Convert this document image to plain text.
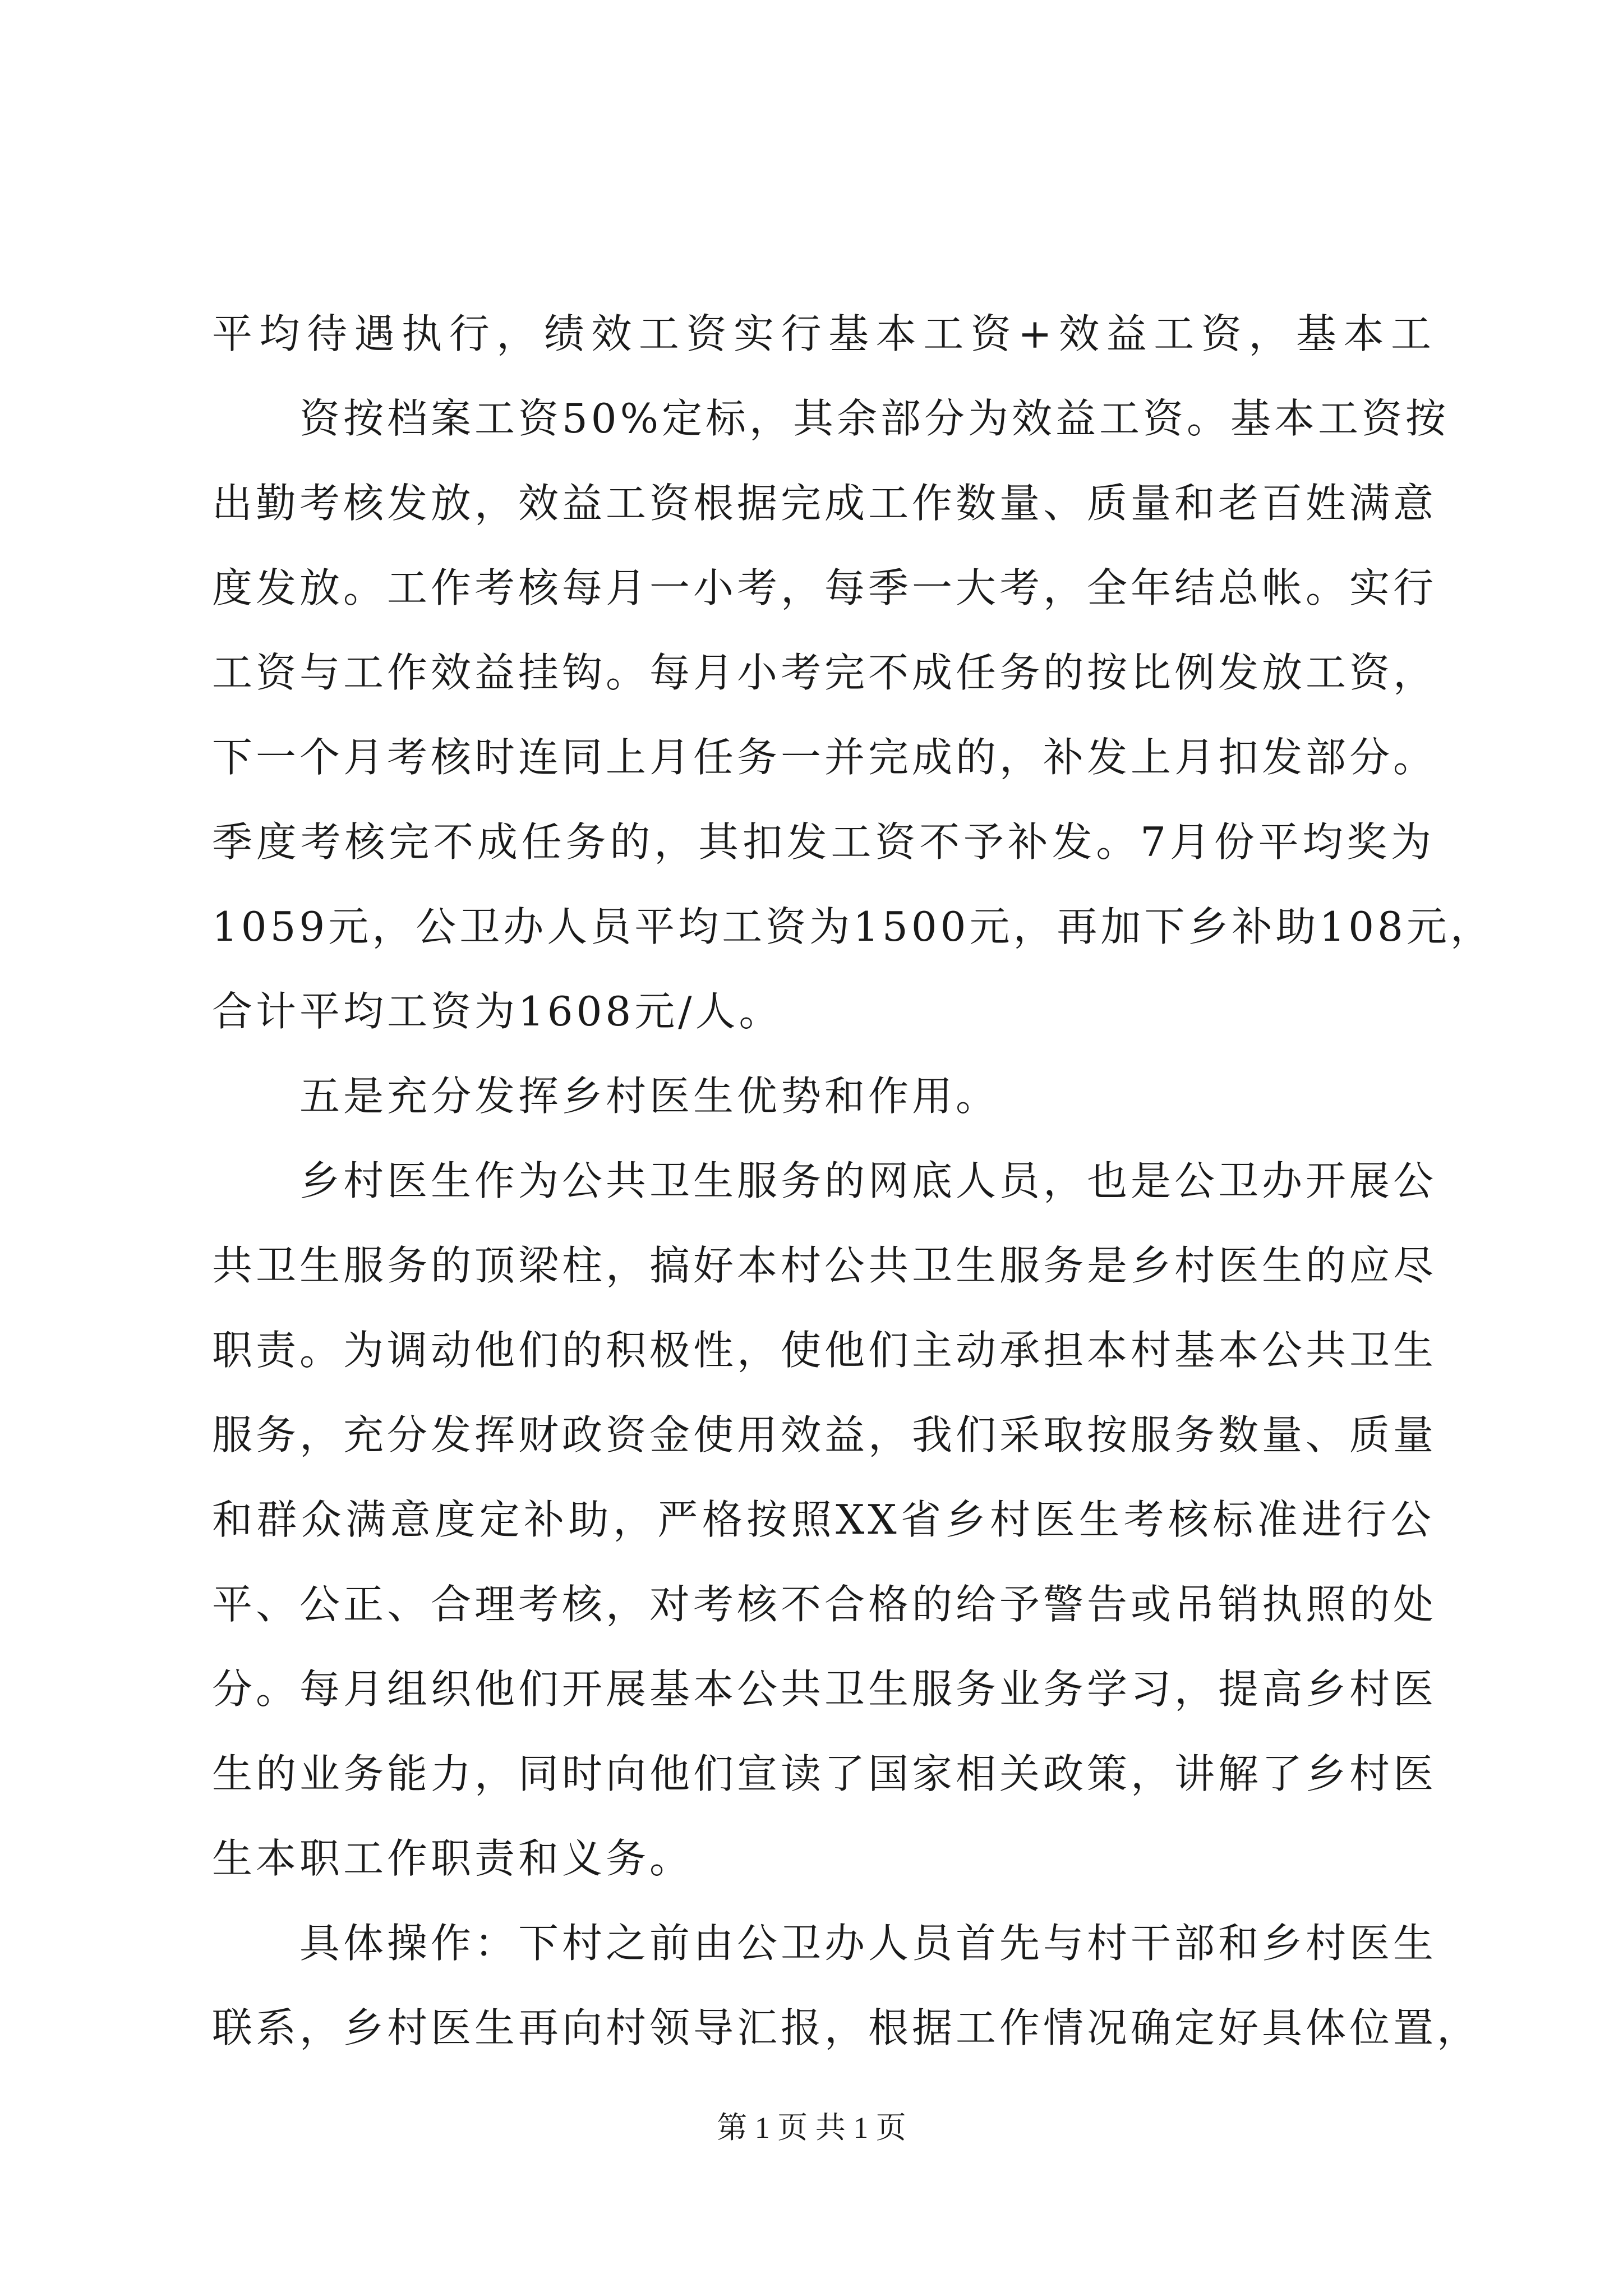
平均待遇执行，绩效工资实行基本工资+效益工资，基本工
资按档案工资50%定标，其余部分为效益工资。基本工资按
出勤考核发放，效益工资根据完成工作数量、质量和老百姓满意
度发放。工作考核每月一小考，每季一大考，全年结总帐。实行
工资与工作效益挂钩。每月小考完不成任务的按比例发放工资，
下一个月考核时连同上月任务一并完成的，补发上月扣发部分。
季度考核完不成任务的，其扣发工资不予补发。7月份平均奖为
1059元，公卫办人员平均工资为1500元，再加下乡补助108元，
合计平均工资为1608元/人。
五是充分发挥乡村医生优势和作用。
乡村医生作为公共卫生服务的网底人员，也是公卫办开展公
共卫生服务的顶梁柱，搞好本村公共卫生服务是乡村医生的应尽
职责。为调动他们的积极性，使他们主动承担本村基本公共卫生
服务，充分发挥财政资金使用效益，我们采取按服务数量、质量
和群众满意度定补助，严格按照XX省乡村医生考核标准进行公
平、公正、合理考核，对考核不合格的给予警告或吊销执照的处
分。每月组织他们开展基本公共卫生服务业务学习，提高乡村医
生的业务能力，同时向他们宣读了国家相关政策，讲解了乡村医
生本职工作职责和义务。
具体操作：下村之前由公卫办人员首先与村干部和乡村医生
联系，乡村医生再向村领导汇报，根据工作情况确定好具体位置，
第 1 页 共 1 页
